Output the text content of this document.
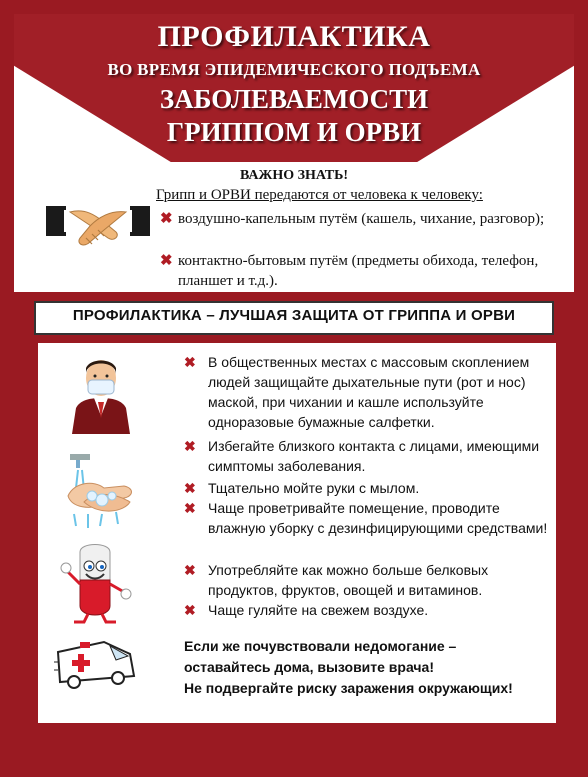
ПРОФИЛАКТИКА
ВО ВРЕМЯ ЭПИДЕМИЧЕСКОГО ПОДЪЕМА
ЗАБОЛЕВАЕМОСТИ
ГРИППОМ И ОРВИ
ВАЖНО ЗНАТЬ!
Грипп и ОРВИ передаются от человека к человеку:
✖ воздушно-капельным путём (кашель, чихание, разговор);
✖ контактно-бытовым путём (предметы обихода, телефон, планшет и т.д.).
ПРОФИЛАКТИКА – ЛУЧШАЯ ЗАЩИТА ОТ ГРИППА И ОРВИ
✖ В общественных местах с массовым скоплением людей защищайте дыхательные пути (рот и нос) маской, при чихании и кашле используйте одноразовые бумажные салфетки.
✖ Избегайте близкого контакта с лицами, имеющими симптомы заболевания.
✖ Тщательно мойте руки с мылом.
✖ Чаще проветривайте помещение, проводите влажную уборку с дезинфицирующими средствами!
✖ Употребляйте как можно больше белковых продуктов, фруктов, овощей и витаминов.
✖ Чаще гуляйте на свежем воздухе.
Если же почувствовали недомогание –
оставайтесь дома, вызовите врача!
Не подвергайте риску заражения окружающих!
